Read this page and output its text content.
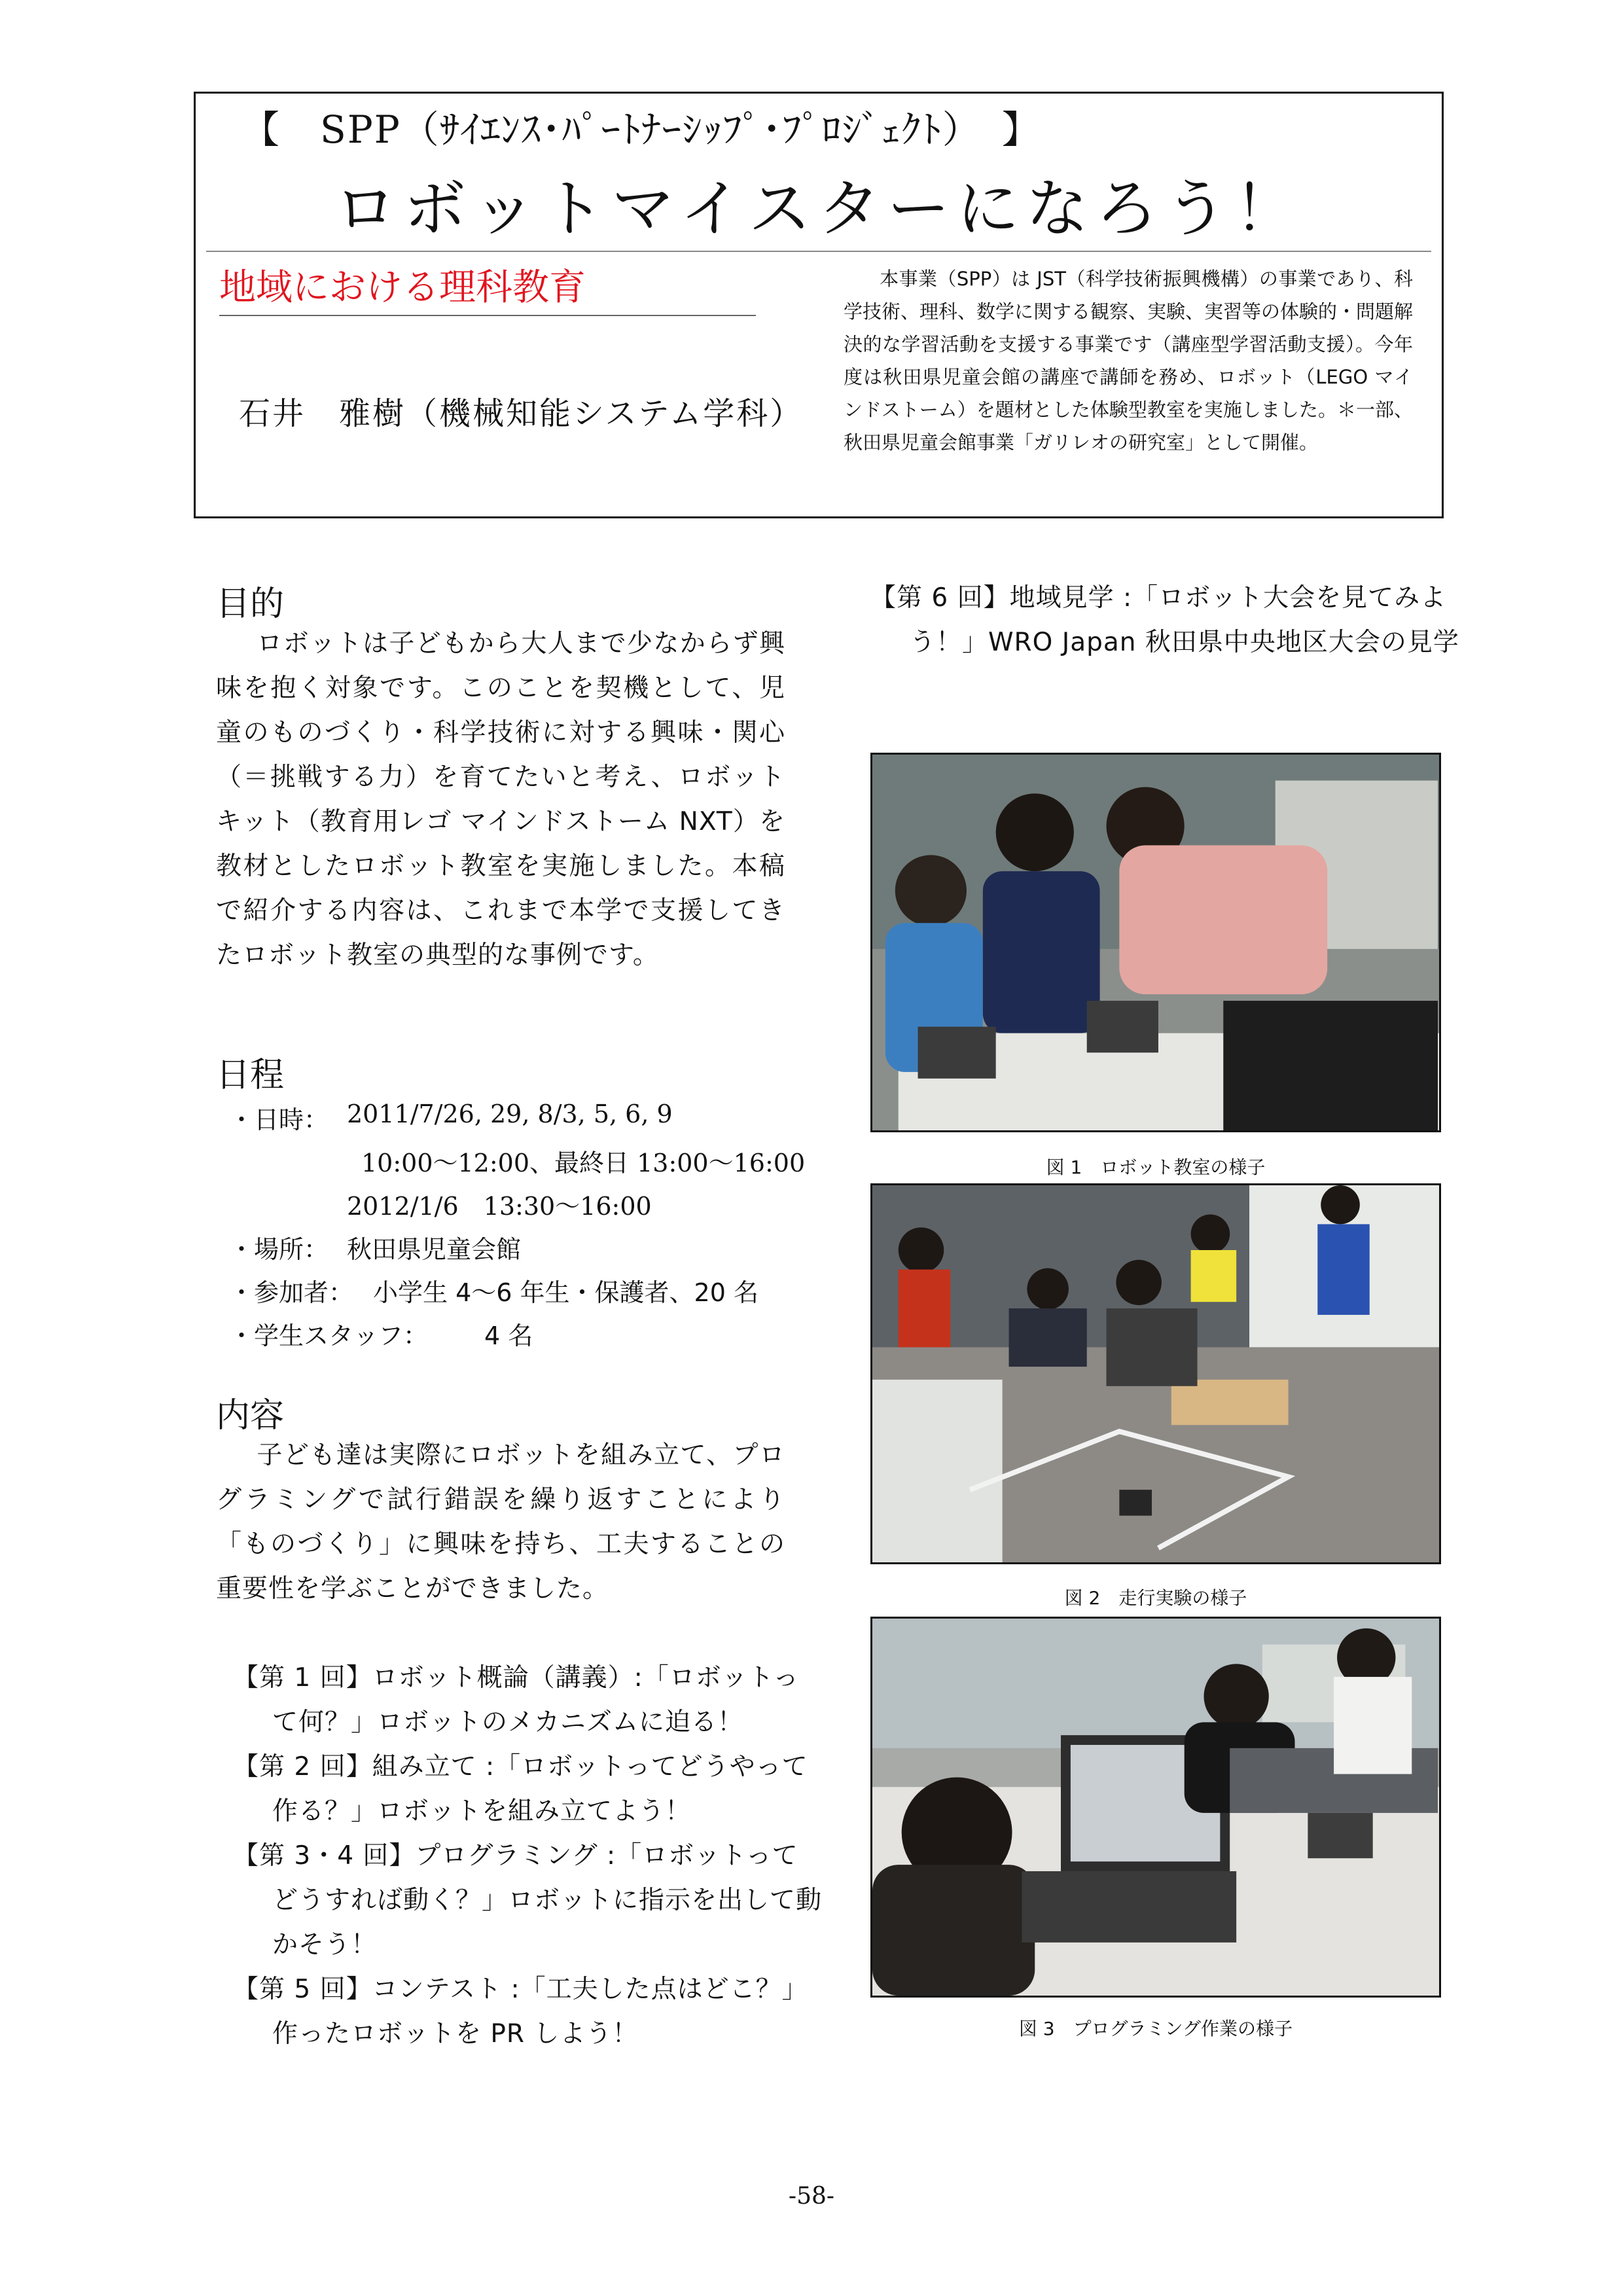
【　SPP（ｻｲｴﾝｽ･ﾊﾟｰﾄﾅｰｼｯﾌﾟ･ﾌﾟﾛｼﾞｪｸﾄ）　】
ロボットマイスターになろう！
地域における理科教育
石井　雅樹（機械知能システム学科）
本事業（SPP）は JST（科学技術振興機構）の事業であり、科学技術、理科、数学に関する観察、実験、実習等の体験的・問題解決的な学習活動を支援する事業です（講座型学習活動支援）。今年度は秋田県児童会館の講座で講師を務め、ロボット（LEGO マインドストーム）を題材とした体験型教室を実施しました。＊一部、秋田県児童会館事業「ガリレオの研究室」として開催。
目的
ロボットは子どもから大人まで少なからず興味を抱く対象です。このことを契機として、児童のものづくり・科学技術に対する興味・関心（＝挑戦する力）を育てたいと考え、ロボットキット（教育用レゴ マインドストーム NXT）を教材としたロボット教室を実施しました。本稿で紹介する内容は、これまで本学で支援してきたロボット教室の典型的な事例です。
日程
・日時： 2011/7/26, 29, 8/3, 5, 6, 9
10:00〜12:00、最終日 13:00〜16:00
2012/1/6　13:30〜16:00
・場所： 秋田県児童会館
・参加者： 小学生 4〜6 年生・保護者、20 名
・学生スタッフ： 4 名
内容
子ども達は実際にロボットを組み立て、プログラミングで試行錯誤を繰り返すことにより「ものづくり」に興味を持ち、工夫することの重要性を学ぶことができました。
【第 1 回】ロボット概論（講義）:「ロボットって何？」ロボットのメカニズムに迫る！
【第 2 回】組み立て :「ロボットってどうやって作る？」ロボットを組み立てよう！
【第 3・4 回】プログラミング :「ロボットってどうすれば動く？」ロボットに指示を出して動かそう！
【第 5 回】コンテスト :「工夫した点はどこ？」作ったロボットを PR しよう！
【第 6 回】地域見学 :「ロボット大会を見てみよう！」WRO Japan 秋田県中央地区大会の見学
図 1　ロボット教室の様子
図 2　走行実験の様子
図 3　プログラミング作業の様子
-58-
